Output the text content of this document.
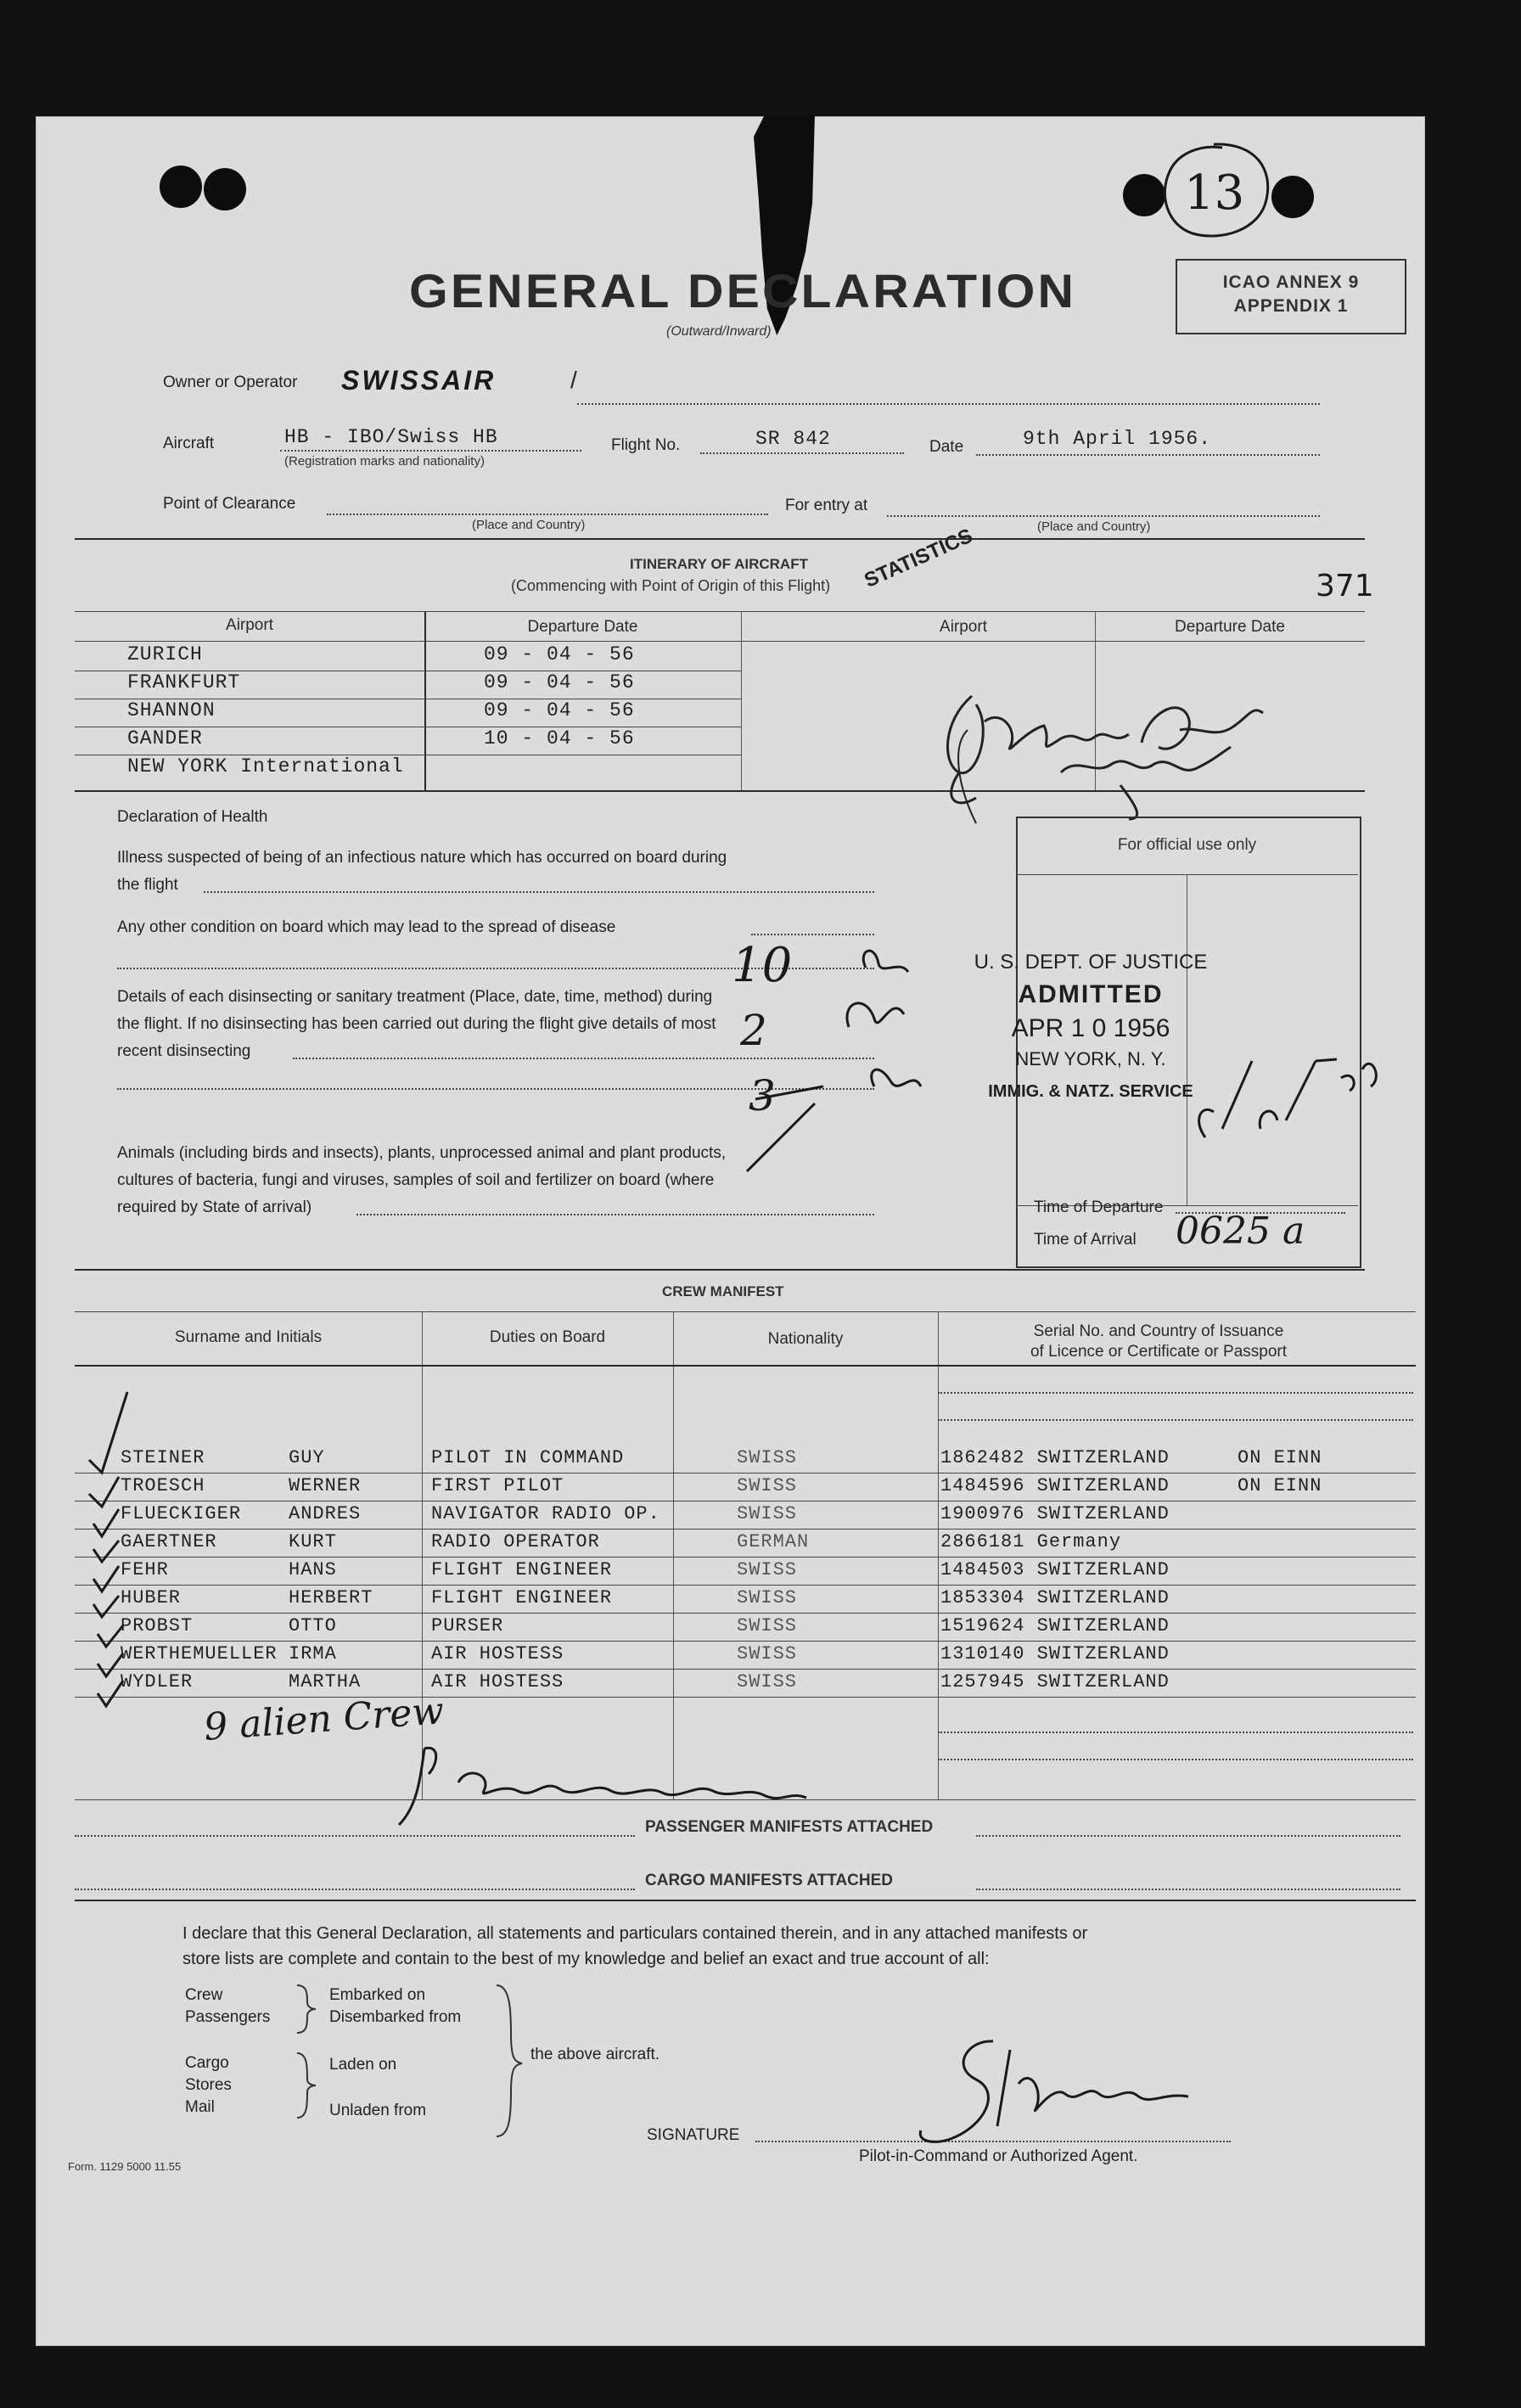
13
GENERAL DECLARATION
(Outward/Inward)
ICAO ANNEX 9
APPENDIX 1
Owner or Operator SWISSAIR	/
Aircraft	HB - IBO/Swiss HB
(Registration marks and nationality)
Flight No.	SR 842	Date	9th April 1956.
Point of Clearance
(Place and Country)
For entry at
(Place and Country)
ITINERARY OF AIRCRAFT
(Commencing with Point of Origin of this Flight) STATISTICS	371
Airport	Departure Date	Airport	Departure Date
ZURICH	09 - 04 - 56
FRANKFURT	09 - 04 - 56
SHANNON	09 - 04 - 56
GANDER	10 - 04 - 56
NEW YORK International
Declaration of Health
Illness suspected of being of an infectious nature which has occurred on board during
the flight
Any other condition on board which may lead to the spread of disease
Details of each disinsecting or sanitary treatment (Place, date, time, method) during
the flight. If no disinsecting has been carried out during the flight give details of most
recent disinsecting
Animals (including birds and insects), plants, unprocessed animal and plant products,
cultures of bacteria, fungi and viruses, samples of soil and fertilizer on board (where
required by State of arrival)
10
2
3
For official use only
U. S. DEPT. OF JUSTICE
ADMITTED
APR 1 0 1956
NEW YORK, N. Y.
IMMIG. & NATZ. SERVICE
Time of Departure
Time of Arrival 0625 a
CREW MANIFEST
Surname and Initials	Duties on Board	Nationality	Serial No. and Country of Issuance
of Licence or Certificate or Passport
STEINER	GUY	PILOT IN COMMAND	SWISS	1862482 SWITZERLAND	ON EINN
TROESCH	WERNER	FIRST PILOT	SWISS	1484596 SWITZERLAND	ON EINN
FLUECKIGER	ANDRES	NAVIGATOR RADIO OP.	SWISS	1900976 SWITZERLAND
GAERTNER	KURT	RADIO OPERATOR	GERMAN	2866181 Germany
FEHR	HANS	FLIGHT ENGINEER	SWISS	1484503 SWITZERLAND
HUBER	HERBERT	FLIGHT ENGINEER	SWISS	1853304 SWITZERLAND
PROBST	OTTO	PURSER	SWISS	1519624 SWITZERLAND
WERTHEMUELLER IRMA	AIR HOSTESS	SWISS	1310140 SWITZERLAND
WYDLER	MARTHA	AIR HOSTESS	SWISS	1257945 SWITZERLAND
9 alien Crew
PASSENGER MANIFESTS ATTACHED
CARGO MANIFESTS ATTACHED
I declare that this General Declaration, all statements and particulars contained therein, and in any attached manifests or
store lists are complete and contain to the best of my knowledge and belief an exact and true account of all:
Crew
Passengers
Embarked on
Disembarked from
Cargo
Stores
Mail
Laden on
Unladen from
the above aircraft.
SIGNATURE
Pilot-in-Command or Authorized Agent.
Form. 1129 5000 11.55
